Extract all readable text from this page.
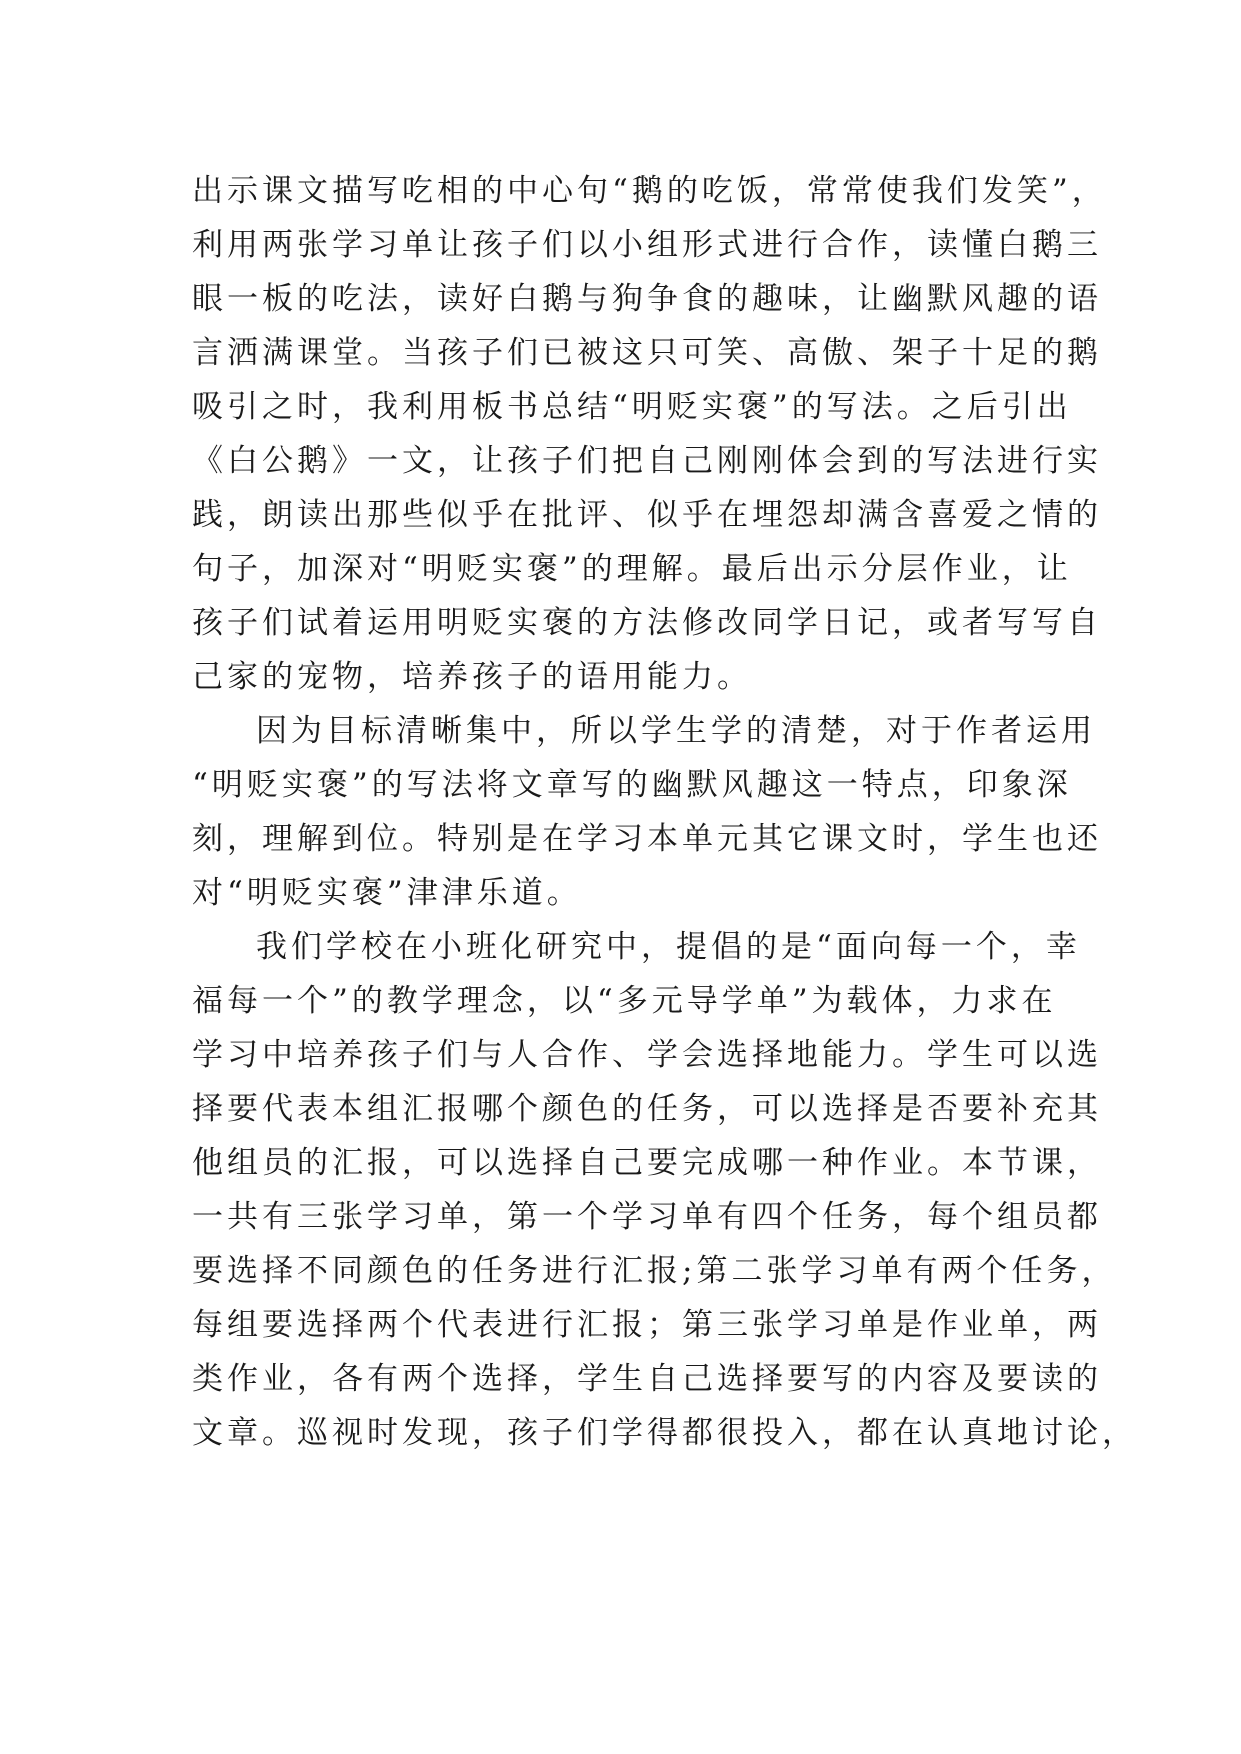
出示课文描写吃相的中心句“鹅的吃饭，常常使我们发笑”，
利用两张学习单让孩子们以小组形式进行合作，读懂白鹅三
眼一板的吃法，读好白鹅与狗争食的趣味，让幽默风趣的语
言洒满课堂。当孩子们已被这只可笑、高傲、架子十足的鹅
吸引之时，我利用板书总结“明贬实褒”的写法。之后引出
《白公鹅》一文，让孩子们把自己刚刚体会到的写法进行实
践，朗读出那些似乎在批评、似乎在埋怨却满含喜爱之情的
句子，加深对“明贬实褒”的理解。最后出示分层作业，让
孩子们试着运用明贬实褒的方法修改同学日记，或者写写自
己家的宠物，培养孩子的语用能力。
因为目标清晰集中，所以学生学的清楚，对于作者运用
“明贬实褒”的写法将文章写的幽默风趣这一特点，印象深
刻，理解到位。特别是在学习本单元其它课文时，学生也还
对“明贬实褒”津津乐道。
我们学校在小班化研究中，提倡的是“面向每一个，幸
福每一个”的教学理念，以“多元导学单”为载体，力求在
学习中培养孩子们与人合作、学会选择地能力。学生可以选
择要代表本组汇报哪个颜色的任务，可以选择是否要补充其
他组员的汇报，可以选择自己要完成哪一种作业。本节课，
一共有三张学习单，第一个学习单有四个任务，每个组员都
要选择不同颜色的任务进行汇报;第二张学习单有两个任务，
每组要选择两个代表进行汇报；第三张学习单是作业单，两
类作业，各有两个选择，学生自己选择要写的内容及要读的
文章。巡视时发现，孩子们学得都很投入，都在认真地讨论，
